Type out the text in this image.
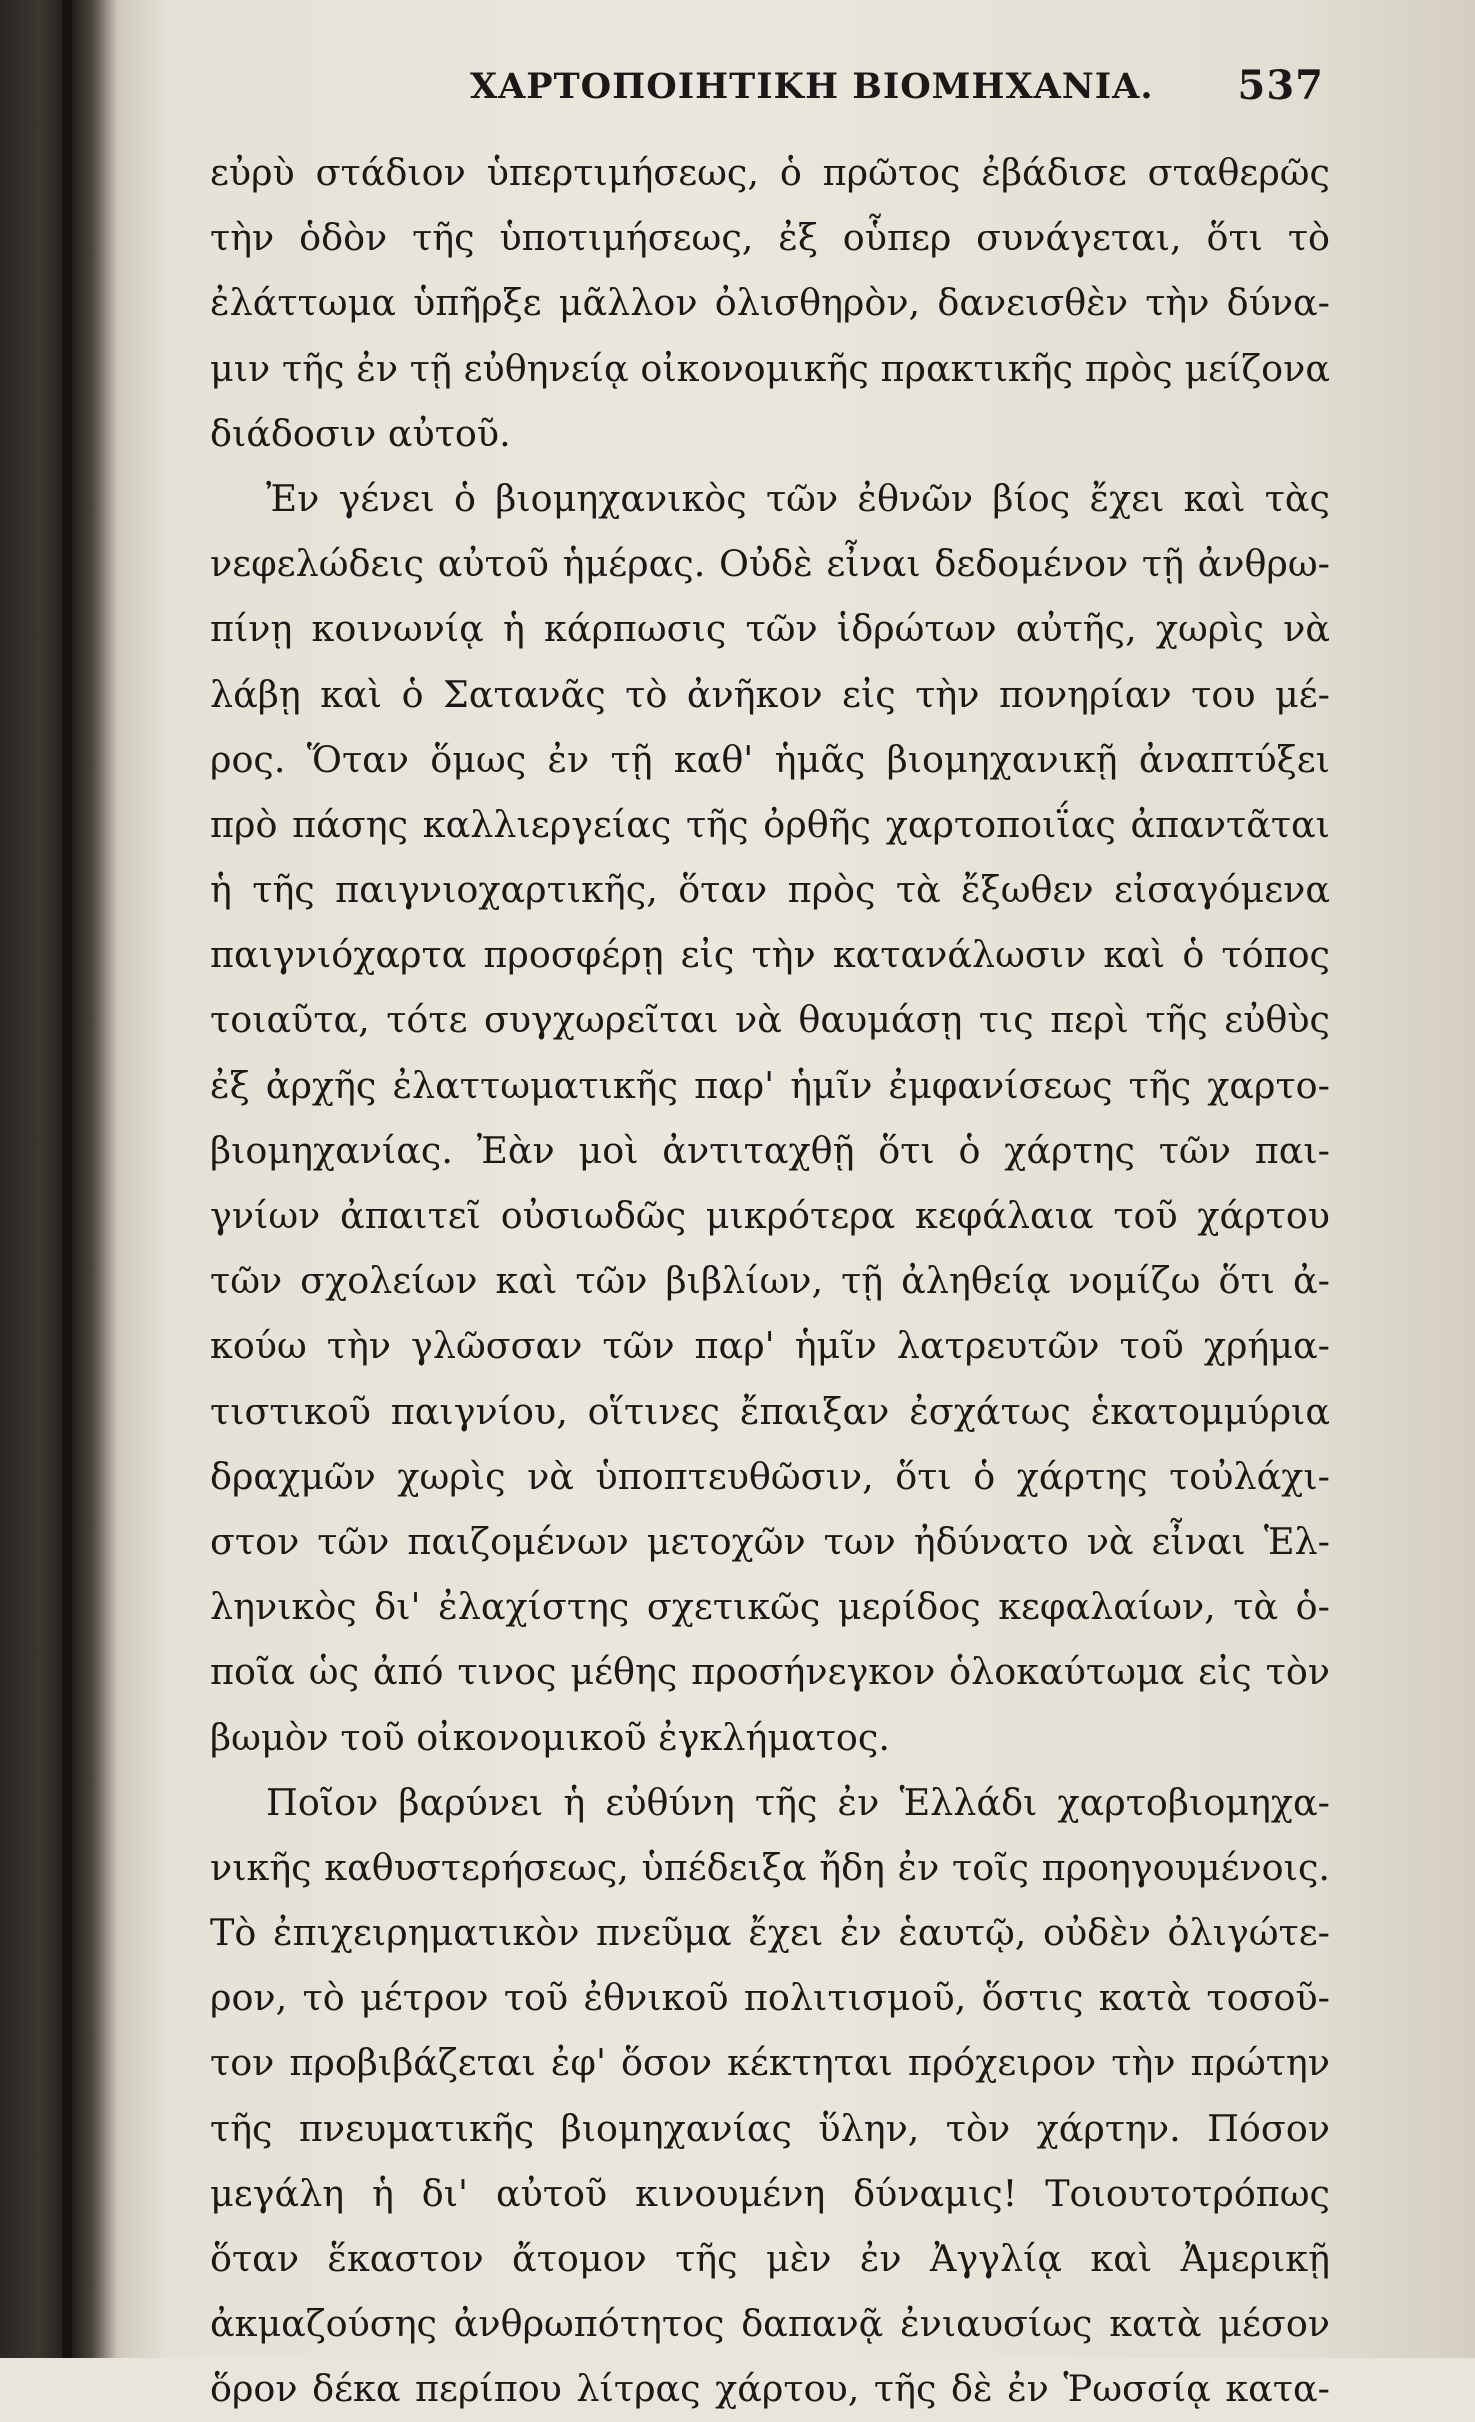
ΧΑΡΤΟΠΟΙΗΤΙΚΗ ΒΙΟΜΗΧΑΝΙΑ. 537
εὐρὺ στάδιον ὑπερτιμήσεως, ὁ πρῶτος ἐβάδισε σταθερῶς
τὴν ὁδὸν τῆς ὑποτιμήσεως, ἐξ οὗπερ συνάγεται, ὅτι τὸ
ἐλάττωμα ὑπῆρξε μᾶλλον ὀλισθηρὸν, δανεισθὲν τὴν δύνα-
μιν τῆς ἐν τῇ εὐθηνείᾳ οἰκονομικῆς πρακτικῆς πρὸς μείζονα
διάδοσιν αὐτοῦ.
Ἐν γένει ὁ βιομηχανικὸς τῶν ἐθνῶν βίος ἔχει καὶ τὰς
νεφελώδεις αὐτοῦ ἡμέρας. Οὐδὲ εἶναι δεδομένον τῇ ἀνθρω-
πίνῃ κοινωνίᾳ ἡ κάρπωσις τῶν ἱδρώτων αὐτῆς, χωρὶς νὰ
λάβῃ καὶ ὁ Σατανᾶς τὸ ἀνῆκον εἰς τὴν πονηρίαν του μέ-
ρος. Ὅταν ὅμως ἐν τῇ καθ' ἡμᾶς βιομηχανικῇ ἀναπτύξει
πρὸ πάσης καλλιεργείας τῆς ὀρθῆς χαρτοποιΐας ἀπαντᾶται
ἡ τῆς παιγνιοχαρτικῆς, ὅταν πρὸς τὰ ἔξωθεν εἰσαγόμενα
παιγνιόχαρτα προσφέρῃ εἰς τὴν κατανάλωσιν καὶ ὁ τόπος
τοιαῦτα, τότε συγχωρεῖται νὰ θαυμάσῃ τις περὶ τῆς εὐθὺς
ἐξ ἀρχῆς ἐλαττωματικῆς παρ' ἡμῖν ἐμφανίσεως τῆς χαρτο-
βιομηχανίας. Ἐὰν μοὶ ἀντιταχθῇ ὅτι ὁ χάρτης τῶν παι-
γνίων ἀπαιτεῖ οὐσιωδῶς μικρότερα κεφάλαια τοῦ χάρτου
τῶν σχολείων καὶ τῶν βιβλίων, τῇ ἀληθείᾳ νομίζω ὅτι ἀ-
κούω τὴν γλῶσσαν τῶν παρ' ἡμῖν λατρευτῶν τοῦ χρήμα-
τιστικοῦ παιγνίου, οἵτινες ἔπαιξαν ἐσχάτως ἑκατομμύρια
δραχμῶν χωρὶς νὰ ὑποπτευθῶσιν, ὅτι ὁ χάρτης τοὐλάχι-
στον τῶν παιζομένων μετοχῶν των ἠδύνατο νὰ εἶναι Ἑλ-
ληνικὸς δι' ἐλαχίστης σχετικῶς μερίδος κεφαλαίων, τὰ ὁ-
ποῖα ὡς ἀπό τινος μέθης προσήνεγκον ὁλοκαύτωμα εἰς τὸν
βωμὸν τοῦ οἰκονομικοῦ ἐγκλήματος.
Ποῖον βαρύνει ἡ εὐθύνη τῆς ἐν Ἑλλάδι χαρτοβιομηχα-
νικῆς καθυστερήσεως, ὑπέδειξα ἤδη ἐν τοῖς προηγουμένοις.
Τὸ ἐπιχειρηματικὸν πνεῦμα ἔχει ἐν ἑαυτῷ, οὐδὲν ὀλιγώτε-
ρον, τὸ μέτρον τοῦ ἐθνικοῦ πολιτισμοῦ, ὅστις κατὰ τοσοῦ-
τον προβιβάζεται ἐφ' ὅσον κέκτηται πρόχειρον τὴν πρώτην
τῆς πνευματικῆς βιομηχανίας ὕλην, τὸν χάρτην. Πόσον
μεγάλη ἡ δι' αὐτοῦ κινουμένη δύναμις! Τοιουτοτρόπως
ὅταν ἕκαστον ἄτομον τῆς μὲν ἐν Ἀγγλίᾳ καὶ Ἀμερικῇ
ἀκμαζούσης ἀνθρωπότητος δαπανᾷ ἐνιαυσίως κατὰ μέσον
ὅρον δέκα περίπου λίτρας χάρτου, τῆς δὲ ἐν Ῥωσσίᾳ κατα-
